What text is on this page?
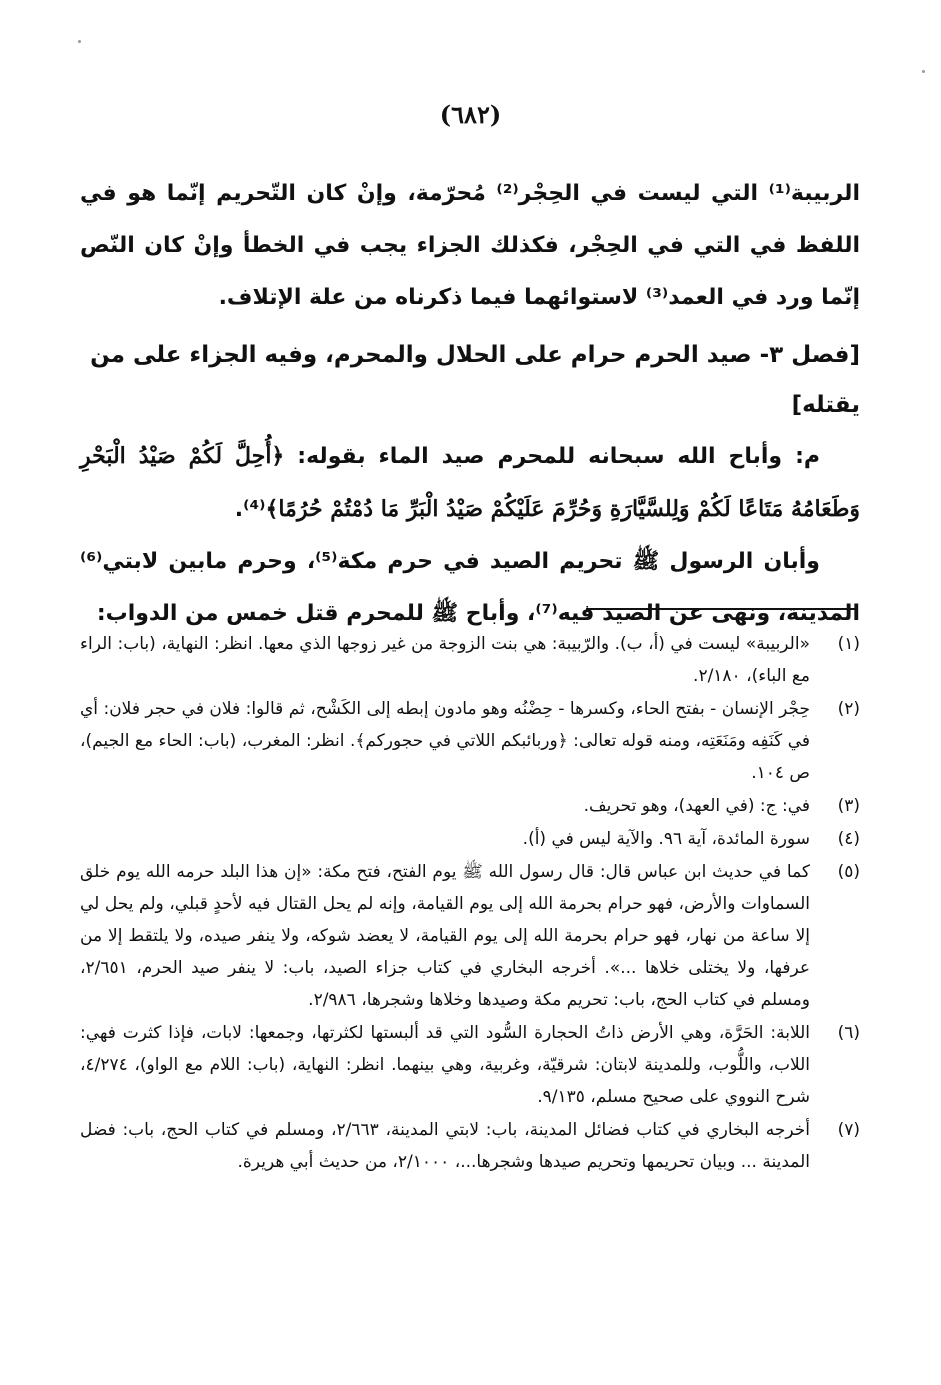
(٦٨٢)

الربيبة⁽¹⁾ التي ليست في الحِجْر⁽²⁾ مُحرّمة، وإنْ كان التّحريم إنّما هو في اللفظ في التي في الحِجْر، فكذلك الجزاء يجب في الخطأ وإنْ كان النّص إنّما ورد في العمد⁽³⁾ لاستوائهما فيما ذكرناه من علة الإتلاف.

[فصل ٣- صيد الحرم حرام على الحلال والمحرم، وفيه الجزاء على من يقتله]

م: وأباح الله سبحانه للمحرم صيد الماء بقوله: ﴿أُحِلَّ لَكُمْ صَيْدُ الْبَحْرِ وَطَعَامُهُ مَتَاعًا لَكُمْ وَلِلسَّيَّارَةِ وَحُرِّمَ عَلَيْكُمْ صَيْدُ الْبَرِّ مَا دُمْتُمْ حُرُمًا﴾⁽⁴⁾.

وأبان الرسول ﷺ تحريم الصيد في حرم مكة⁽⁵⁾، وحرم مابين لابتي⁽⁶⁾ المدينة، ونهى عن الصيد فيه⁽⁷⁾، وأباح ﷺ للمحرم قتل خمس من الدواب:

(١)
«الربيبة» ليست في (أ، ب). والرّبيبة: هي بنت الزوجة من غير زوجها الذي معها. انظر: النهاية، (باب: الراء مع الباء)، ٢/١٨٠.
(٢)
حِجْر الإنسان - بفتح الحاء، وكسرها - حِضْنُه وهو مادون إبطه إلى الكَشْح، ثم قالوا: فلان في حجر فلان: أي في كَنَفِه ومَنَعَتِه، ومنه قوله تعالى: ﴿وربائبكم اللاتي في حجوركم﴾. انظر: المغرب، (باب: الحاء مع الجيم)، ص ١٠٤.
(٣)
في: ج: (في العهد)، وهو تحريف.
(٤)
سورة المائدة، آية ٩٦. والآية ليس في (أ).
(٥)
كما في حديث ابن عباس قال: قال رسول الله ﷺ يوم الفتح، فتح مكة: «إن هذا البلد حرمه الله يوم خلق السماوات والأرض، فهو حرام بحرمة الله إلى يوم القيامة، وإنه لم يحل القتال فيه لأحدٍ قبلي، ولم يحل لي إلا ساعة من نهار، فهو حرام بحرمة الله إلى يوم القيامة، لا يعضد شوكه، ولا ينفر صيده، ولا يلتقط إلا من عرفها، ولا يختلى خلاها ...». أخرجه البخاري في كتاب جزاء الصيد، باب: لا ينفر صيد الحرم، ٢/٦٥١، ومسلم في كتاب الحج، باب: تحريم مكة وصيدها وخلاها وشجرها، ٢/٩٨٦.
(٦)
اللابة: الحَرَّة، وهي الأرض ذاتُ الحجارة السُّود التي قد ألبستها لكثرتها، وجمعها: لابات، فإذا كثرت فهي: اللاب، واللُّوب، وللمدينة لابتان: شرقيّة، وغربية، وهي بينهما. انظر: النهاية، (باب: اللام مع الواو)، ٤/٢٧٤، شرح النووي على صحيح مسلم، ٩/١٣٥.
(٧)
أخرجه البخاري في كتاب فضائل المدينة، باب: لابتي المدينة، ٢/٦٦٣، ومسلم في كتاب الحج، باب: فضل المدينة ... وبيان تحريمها وتحريم صيدها وشجرها...، ٢/١٠٠٠، من حديث أبي هريرة.
